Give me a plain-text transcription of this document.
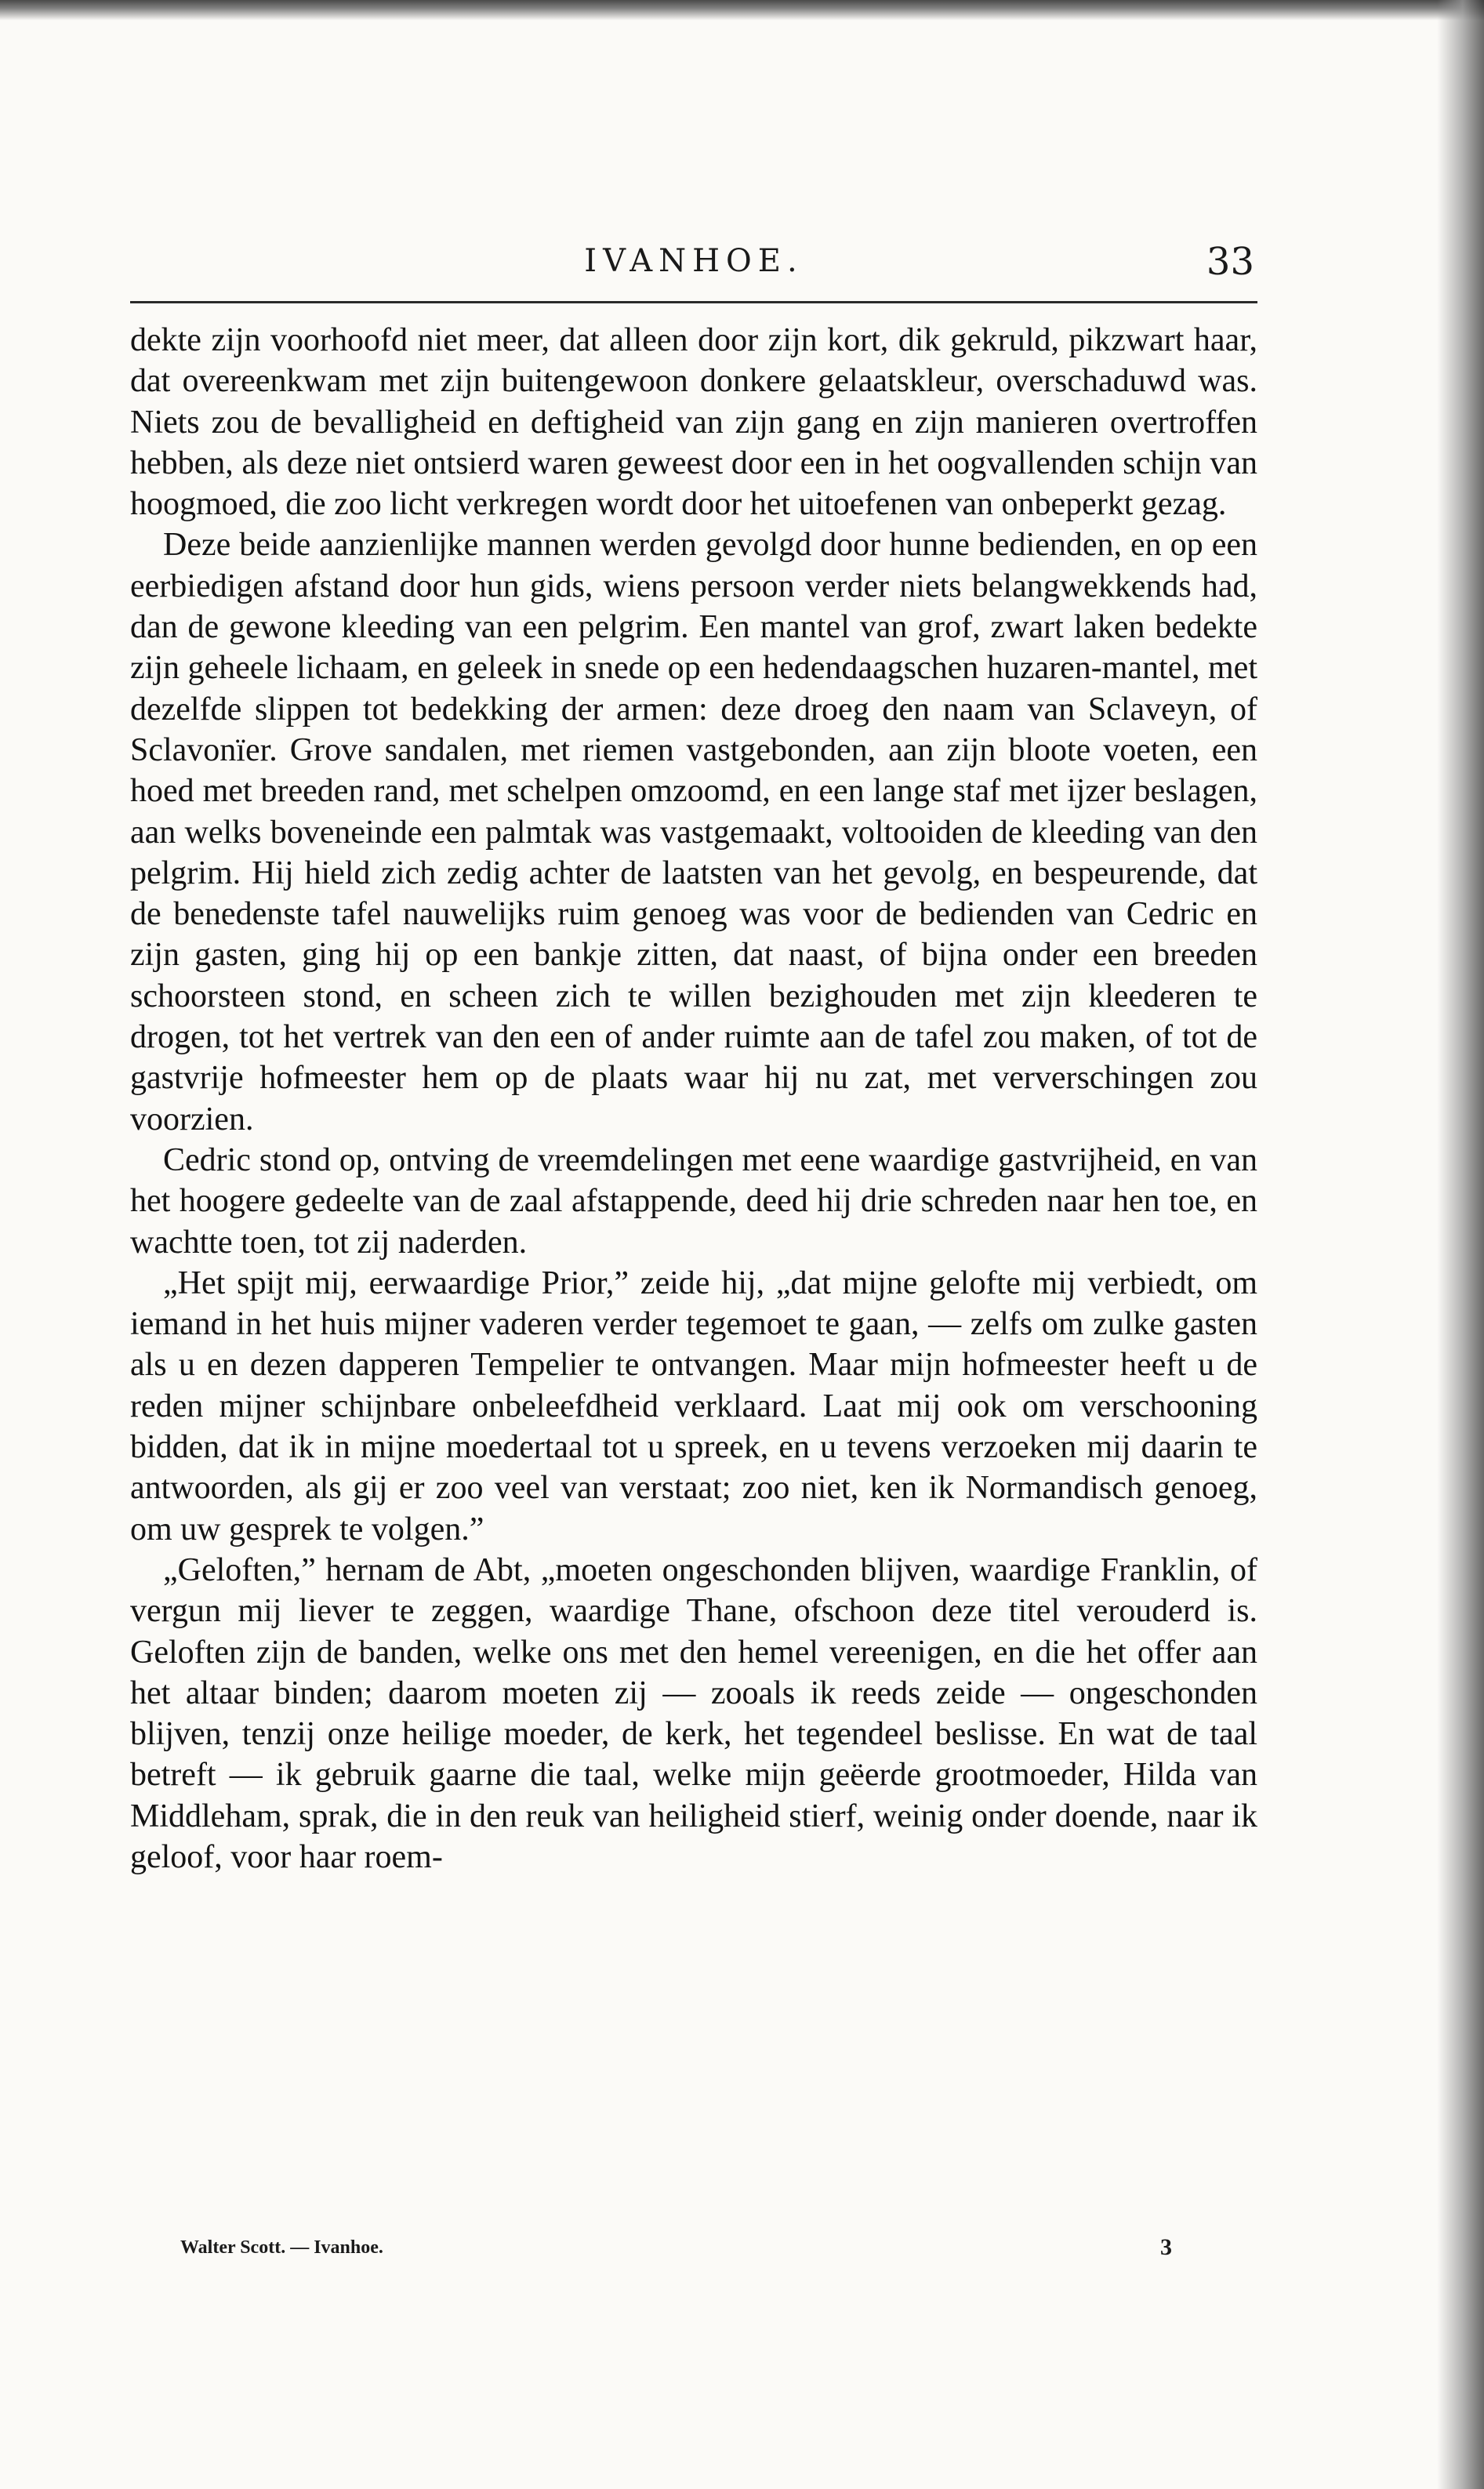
IVANHOE.	33

dekte zijn voorhoofd niet meer, dat alleen door zijn kort, dik gekruld, pikzwart haar, dat overeenkwam met zijn buitengewoon donkere gelaatskleur, overschaduwd was. Niets zou de bevalligheid en deftigheid van zijn gang en zijn manieren overtroffen hebben, als deze niet ontsierd waren geweest door een in het oogvallenden schijn van hoogmoed, die zoo licht verkregen wordt door het uitoefenen van onbeperkt gezag.

Deze beide aanzienlijke mannen werden gevolgd door hunne bedienden, en op een eerbiedigen afstand door hun gids, wiens persoon verder niets belangwekkends had, dan de gewone kleeding van een pelgrim. Een mantel van grof, zwart laken bedekte zijn geheele lichaam, en geleek in snede op een hedendaagschen huzaren-mantel, met dezelfde slippen tot bedekking der armen: deze droeg den naam van Sclaveyn, of Sclavonïer. Grove sandalen, met riemen vastgebonden, aan zijn bloote voeten, een hoed met breeden rand, met schelpen omzoomd, en een lange staf met ijzer beslagen, aan welks boveneinde een palmtak was vastgemaakt, voltooiden de kleeding van den pelgrim. Hij hield zich zedig achter de laatsten van het gevolg, en bespeurende, dat de benedenste tafel nauwelijks ruim genoeg was voor de bedienden van Cedric en zijn gasten, ging hij op een bankje zitten, dat naast, of bijna onder een breeden schoorsteen stond, en scheen zich te willen bezighouden met zijn kleederen te drogen, tot het vertrek van den een of ander ruimte aan de tafel zou maken, of tot de gastvrije hofmeester hem op de plaats waar hij nu zat, met ververschingen zou voorzien.

Cedric stond op, ontving de vreemdelingen met eene waardige gastvrijheid, en van het hoogere gedeelte van de zaal afstappende, deed hij drie schreden naar hen toe, en wachtte toen, tot zij naderden.

„Het spijt mij, eerwaardige Prior,” zeide hij, „dat mijne gelofte mij verbiedt, om iemand in het huis mijner vaderen verder tegemoet te gaan, — zelfs om zulke gasten als u en dezen dapperen Tempelier te ontvangen. Maar mijn hofmeester heeft u de reden mijner schijnbare onbeleefdheid verklaard. Laat mij ook om verschooning bidden, dat ik in mijne moedertaal tot u spreek, en u tevens verzoeken mij daarin te antwoorden, als gij er zoo veel van verstaat; zoo niet, ken ik Normandisch genoeg, om uw gesprek te volgen.”

„Geloften,” hernam de Abt, „moeten ongeschonden blijven, waardige Franklin, of vergun mij liever te zeggen, waardige Thane, ofschoon deze titel verouderd is. Geloften zijn de banden, welke ons met den hemel vereenigen, en die het offer aan het altaar binden; daarom moeten zij — zooals ik reeds zeide — ongeschonden blijven, tenzij onze heilige moeder, de kerk, het tegendeel beslisse. En wat de taal betreft — ik gebruik gaarne die taal, welke mijn geëerde grootmoeder, Hilda van Middleham, sprak, die in den reuk van heiligheid stierf, weinig onder doende, naar ik geloof, voor haar roem-

Walter Scott. — Ivanhoe.	3
